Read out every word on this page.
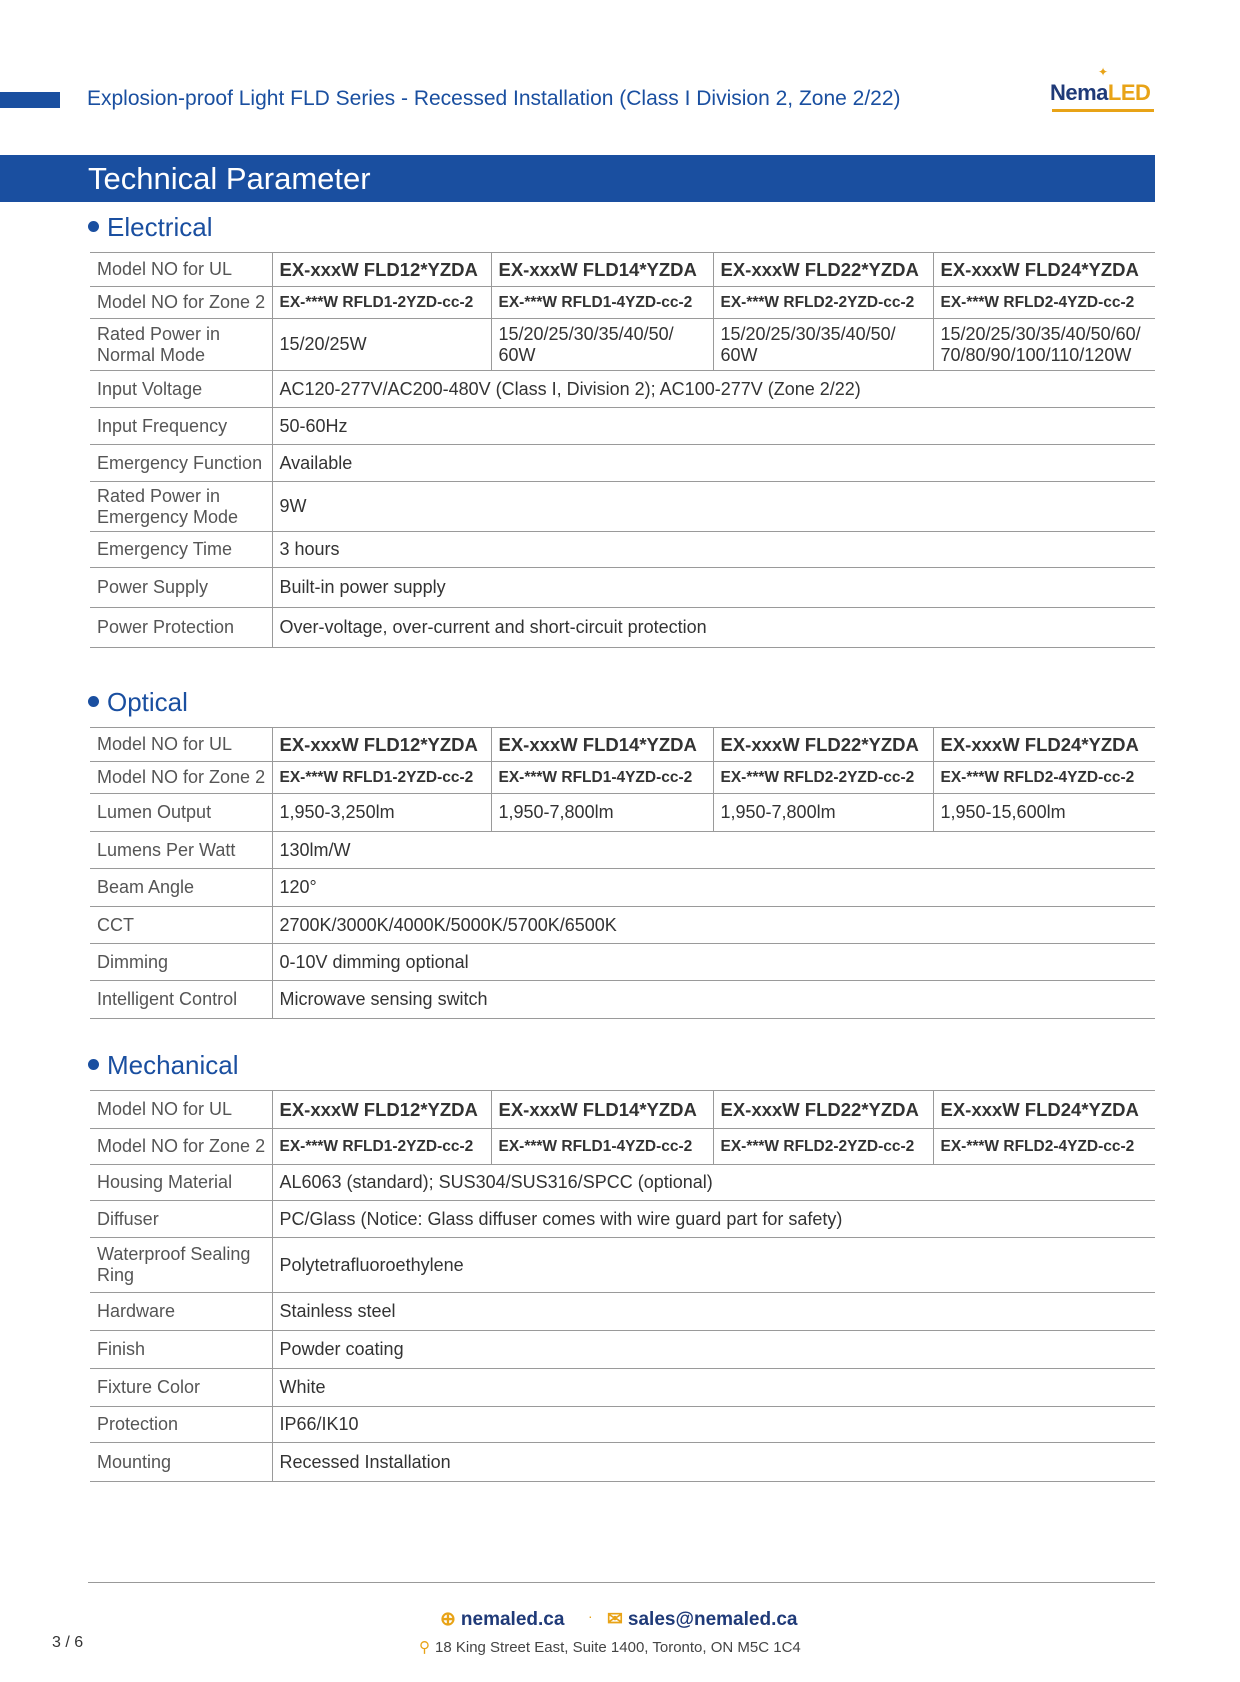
Explosion-proof Light FLD Series - Recessed Installation (Class I Division 2, Zone 2/22)
✦
NemaLED
Technical Parameter
Electrical
Model NO for UL	EX-xxxW FLD12*YZDA	EX-xxxW FLD14*YZDA	EX-xxxW FLD22*YZDA	EX-xxxW FLD24*YZDA
Model NO for Zone 2	EX-***W RFLD1-2YZD-cc-2	EX-***W RFLD1-4YZD-cc-2	EX-***W RFLD2-2YZD-cc-2	EX-***W RFLD2-4YZD-cc-2
Rated Power in Normal Mode	15/20/25W	15/20/25/30/35/40/50/ 60W	15/20/25/30/35/40/50/ 60W	15/20/25/30/35/40/50/60/ 70/80/90/100/110/120W
Input Voltage	AC120-277V/AC200-480V (Class I, Division 2); AC100-277V (Zone 2/22)			
Input Frequency	50-60Hz			
Emergency Function	Available			
Rated Power in Emergency Mode	9W			
Emergency Time	3 hours			
Power Supply	Built-in power supply			
Power Protection	Over-voltage, over-current and short-circuit protection			
Optical
Model NO for UL	EX-xxxW FLD12*YZDA	EX-xxxW FLD14*YZDA	EX-xxxW FLD22*YZDA	EX-xxxW FLD24*YZDA
Model NO for Zone 2	EX-***W RFLD1-2YZD-cc-2	EX-***W RFLD1-4YZD-cc-2	EX-***W RFLD2-2YZD-cc-2	EX-***W RFLD2-4YZD-cc-2
Lumen Output	1,950-3,250lm	1,950-7,800lm	1,950-7,800lm	1,950-15,600lm
Lumens Per Watt	130lm/W			
Beam Angle	120°			
CCT	2700K/3000K/4000K/5000K/5700K/6500K			
Dimming	0-10V dimming optional			
Intelligent Control	Microwave sensing switch			
Mechanical
Model NO for UL	EX-xxxW FLD12*YZDA	EX-xxxW FLD14*YZDA	EX-xxxW FLD22*YZDA	EX-xxxW FLD24*YZDA
Model NO for Zone 2	EX-***W RFLD1-2YZD-cc-2	EX-***W RFLD1-4YZD-cc-2	EX-***W RFLD2-2YZD-cc-2	EX-***W RFLD2-4YZD-cc-2
Housing Material	AL6063 (standard); SUS304/SUS316/SPCC (optional)			
Diffuser	PC/Glass (Notice: Glass diffuser comes with wire guard part for safety)			
Waterproof Sealing Ring	Polytetrafluoroethylene			
Hardware	Stainless steel			
Finish	Powder coating			
Fixture Color	White			
Protection	IP66/IK10			
Mounting	Recessed Installation			
⊕ nemaled.ca · ✉ sales@nemaled.ca
⚲ 18 King Street East, Suite 1400, Toronto, ON M5C 1C4
3 / 6
